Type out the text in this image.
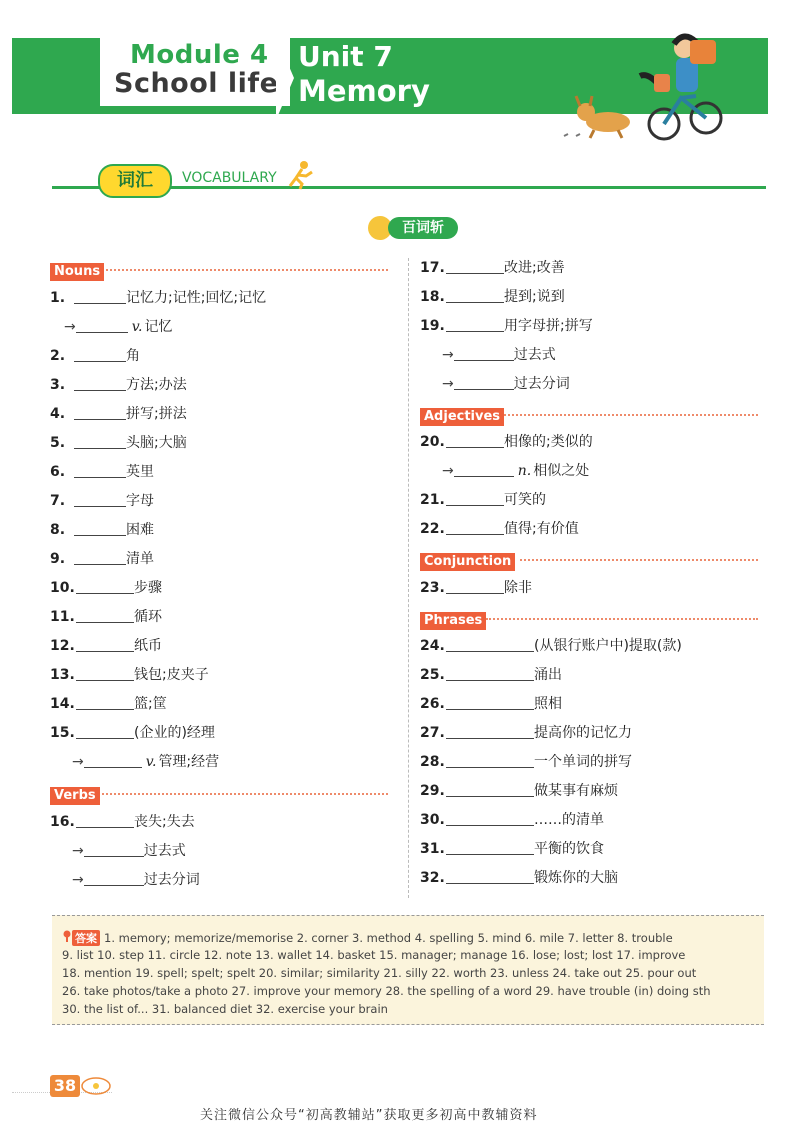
Module 4
School life
Unit 7
Memory
词汇	VOCABULARY
百词斩
Nouns
1.	记忆力;记性;回忆;记忆
→	v. 记忆
2.	角
3.	方法;办法
4.	拼写;拼法
5.	头脑;大脑
6.	英里
7.	字母
8.	困难
9.	清单
10.	步骤
11.	循环
12.	纸币
13.	钱包;皮夹子
14.	篮;筐
15.	(企业的)经理
→	v. 管理;经营
Verbs
16.	丧失;失去
→	过去式
→	过去分词
17.	改进;改善
18.	提到;说到
19.	用字母拼;拼写
→	过去式
→	过去分词
Adjectives
20.	相像的;类似的
→	n. 相似之处
21.	可笑的
22.	值得;有价值
Conjunction
23.	除非
Phrases
24.	(从银行账户中)提取(款)
25.	涌出
26.	照相
27.	提高你的记忆力
28.	一个单词的拼写
29.	做某事有麻烦
30.	……的清单
31.	平衡的饮食
32.	锻炼你的大脑
答案 1. memory; memorize/memorise 2. corner 3. method 4. spelling 5. mind 6. mile 7. letter 8. trouble
9. list 10. step 11. circle 12. note 13. wallet 14. basket 15. manager; manage 16. lose; lost; lost 17. improve
18. mention 19. spell; spelt; spelt 20. similar; similarity 21. silly 22. worth 23. unless 24. take out 25. pour out
26. take photos/take a photo 27. improve your memory 28. the spelling of a word 29. have trouble (in) doing sth
30. the list of... 31. balanced diet 32. exercise your brain
38
关注微信公众号“初高教辅站”获取更多初高中教辅资料
